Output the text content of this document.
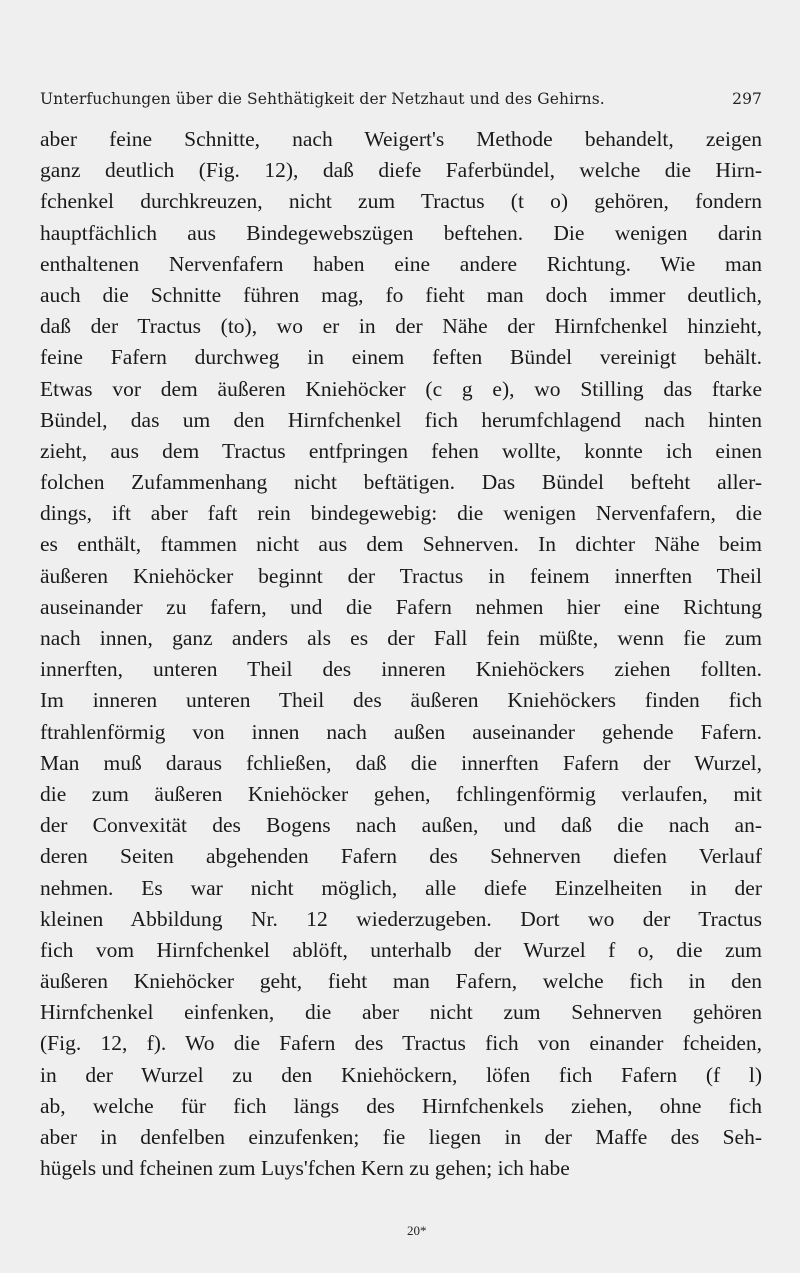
Unterfuchungen über die Sehthätigkeit der Netzhaut und des Gehirns.	297
aber feine Schnitte, nach Weigert's Methode behandelt, zeigen
ganz deutlich (Fig. 12), daß diefe Faferbündel, welche die Hirn-
fchenkel durchkreuzen, nicht zum Tractus (t o) gehören, fondern
hauptfächlich aus Bindegewebszügen beftehen. Die wenigen darin
enthaltenen Nervenfafern haben eine andere Richtung. Wie man
auch die Schnitte führen mag, fo fieht man doch immer deutlich,
daß der Tractus (to), wo er in der Nähe der Hirnfchenkel hinzieht,
feine Fafern durchweg in einem feften Bündel vereinigt behält.
Etwas vor dem äußeren Kniehöcker (c g e), wo Stilling das ftarke
Bündel, das um den Hirnfchenkel fich herumfchlagend nach hinten
zieht, aus dem Tractus entfpringen fehen wollte, konnte ich einen
folchen Zufammenhang nicht beftätigen. Das Bündel befteht aller-
dings, ift aber faft rein bindegewebig: die wenigen Nervenfafern, die
es enthält, ftammen nicht aus dem Sehnerven. In dichter Nähe beim
äußeren Kniehöcker beginnt der Tractus in feinem innerften Theil
auseinander zu fafern, und die Fafern nehmen hier eine Richtung
nach innen, ganz anders als es der Fall fein müßte, wenn fie zum
innerften, unteren Theil des inneren Kniehöckers ziehen follten.
Im inneren unteren Theil des äußeren Kniehöckers finden fich
ftrahlenförmig von innen nach außen auseinander gehende Fafern.
Man muß daraus fchließen, daß die innerften Fafern der Wurzel,
die zum äußeren Kniehöcker gehen, fchlingenförmig verlaufen, mit
der Convexität des Bogens nach außen, und daß die nach an-
deren Seiten abgehenden Fafern des Sehnerven diefen Verlauf
nehmen. Es war nicht möglich, alle diefe Einzelheiten in der
kleinen Abbildung Nr. 12 wiederzugeben. Dort wo der Tractus
fich vom Hirnfchenkel ablöft, unterhalb der Wurzel f o, die zum
äußeren Kniehöcker geht, fieht man Fafern, welche fich in den
Hirnfchenkel einfenken, die aber nicht zum Sehnerven gehören
(Fig. 12, f). Wo die Fafern des Tractus fich von einander fcheiden,
in der Wurzel zu den Kniehöckern, löfen fich Fafern (f l)
ab, welche für fich längs des Hirnfchenkels ziehen, ohne fich
aber in denfelben einzufenken; fie liegen in der Maffe des Seh-
hügels und fcheinen zum Luys'fchen Kern zu gehen; ich habe
20*
